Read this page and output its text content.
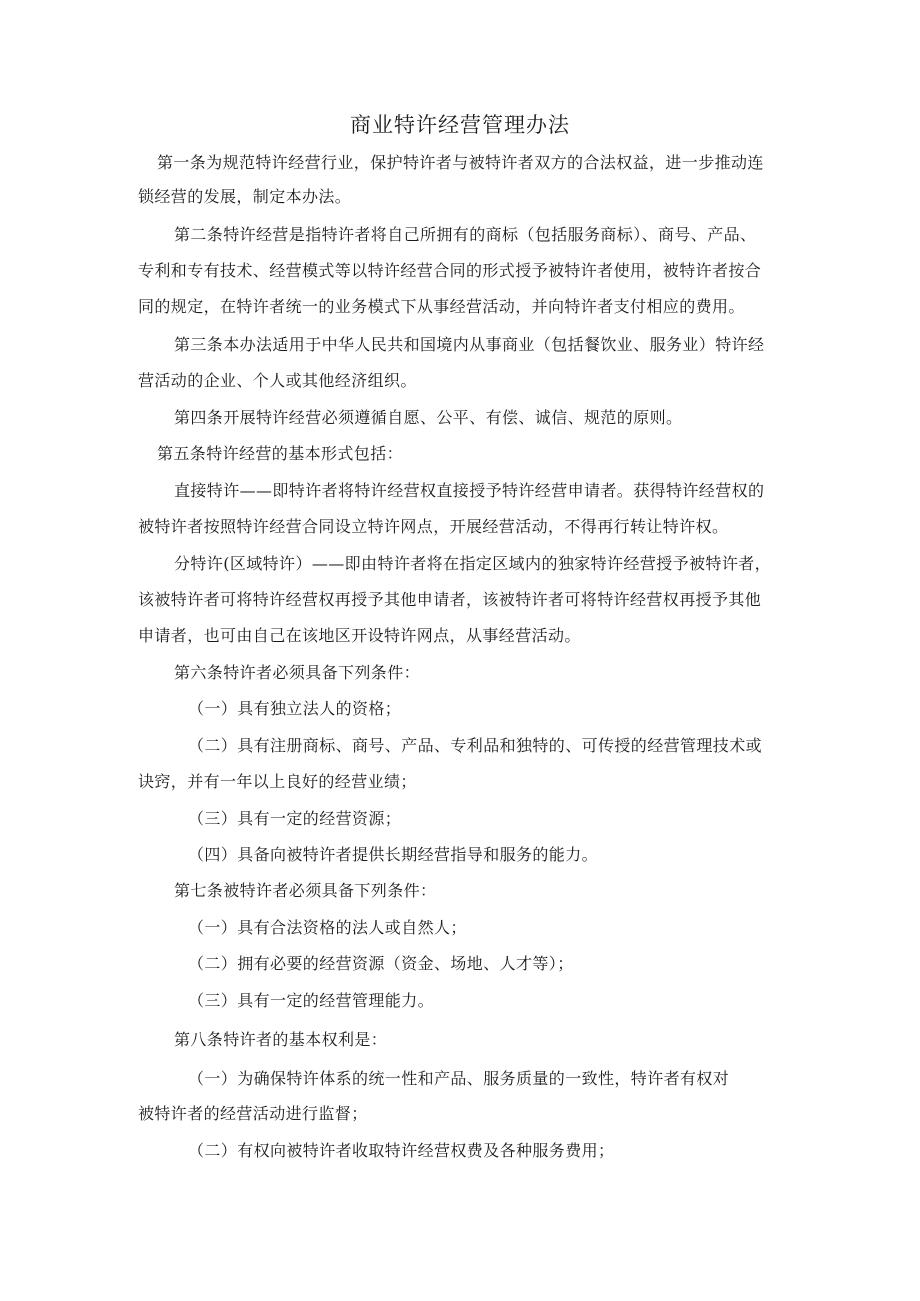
商业特许经营管理办法
第一条为规范特许经营行业，保护特许者与被特许者双方的合法权益，进一步推动连
锁经营的发展，制定本办法。
第二条特许经营是指特许者将自己所拥有的商标（包括服务商标）、商号、产品、
专利和专有技术、经营模式等以特许经营合同的形式授予被特许者使用，被特许者按合
同的规定，在特许者统一的业务模式下从事经营活动，并向特许者支付相应的费用。
第三条本办法适用于中华人民共和国境内从事商业（包括餐饮业、服务业）特许经
营活动的企业、个人或其他经济组织。
第四条开展特许经营必须遵循自愿、公平、有偿、诚信、规范的原则。
第五条特许经营的基本形式包括：
直接特许——即特许者将特许经营权直接授予特许经营申请者。获得特许经营权的
被特许者按照特许经营合同设立特许网点，开展经营活动，不得再行转让特许权。
分特许(区域特许）——即由特许者将在指定区域内的独家特许经营授予被特许者，
该被特许者可将特许经营权再授予其他申请者，该被特许者可将特许经营权再授予其他
申请者，也可由自己在该地区开设特许网点，从事经营活动。
第六条特许者必须具备下列条件：
（一）具有独立法人的资格；
（二）具有注册商标、商号、产品、专利品和独特的、可传授的经营管理技术或
诀窍，并有一年以上良好的经营业绩；
（三）具有一定的经营资源；
（四）具备向被特许者提供长期经营指导和服务的能力。
第七条被特许者必须具备下列条件：
（一）具有合法资格的法人或自然人；
（二）拥有必要的经营资源（资金、场地、人才等）；
（三）具有一定的经营管理能力。
第八条特许者的基本权利是：
（一）为确保特许体系的统一性和产品、服务质量的一致性，特许者有权对
被特许者的经营活动进行监督；
（二）有权向被特许者收取特许经营权费及各种服务费用；
